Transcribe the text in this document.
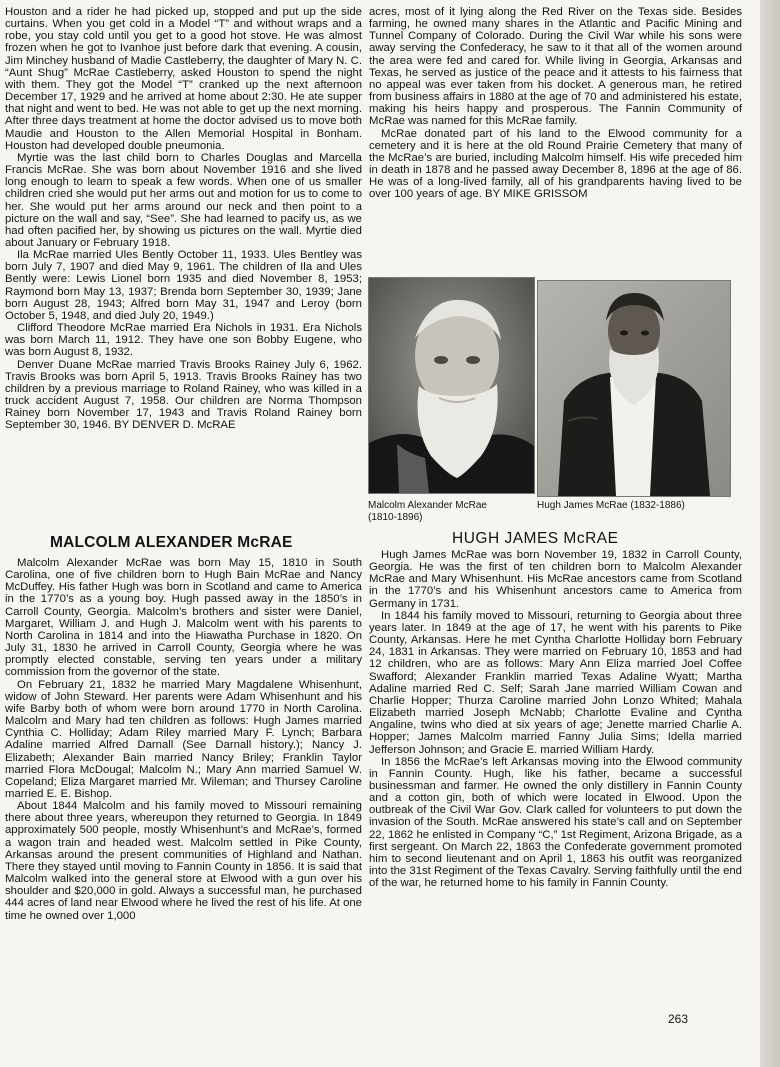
Houston and a rider he had picked up, stopped and put up the side curtains. When you get cold in a Model “T” and without wraps and a robe, you stay cold until you get to a good hot stove. He was almost frozen when he got to Ivanhoe just before dark that evening. A cousin, Jim Minchey husband of Madie Castleberry, the daughter of Mary N. C. “Aunt Shug” McRae Castleberry, asked Houston to spend the night with them. They got the Model “T” cranked up the next afternoon December 17, 1929 and he arrived at home about 2:30. He ate supper that night and went to bed. He was not able to get up the next morning. After three days treatment at home the doctor advised us to move both Maudie and Houston to the Allen Memorial Hospital in Bonham. Houston had developed double pneumonia.

Myrtie was the last child born to Charles Douglas and Marcella Francis McRae. She was born about November 1916 and she lived long enough to learn to speak a few words. When one of us smaller children cried she would put her arms out and motion for us to come to her. She would put her arms around our neck and then point to a picture on the wall and say, “See”. She had learned to pacify us, as we had often pacified her, by showing us pictures on the wall. Myrtie died about January or February 1918.

Ila McRae married Ules Bently October 11, 1933. Ules Bentley was born July 7, 1907 and died May 9, 1961. The children of Ila and Ules Bently were: Lewis Lionel born 1935 and died November 8, 1953; Raymond born May 13, 1937; Brenda born September 30, 1939; Jane born August 28, 1943; Alfred born May 31, 1947 and Leroy (born October 5, 1948, and died July 20, 1949.)

Clifford Theodore McRae married Era Nichols in 1931. Era Nichols was born March 11, 1912. They have one son Bobby Eugene, who was born August 8, 1932.

Denver Duane McRae married Travis Brooks Rainey July 6, 1962. Travis Brooks was born April 5, 1913. Travis Brooks Rainey has two children by a previous marriage to Roland Rainey, who was killed in a truck accident August 7, 1958. Our children are Norma Thompson Rainey born November 17, 1943 and Travis Roland Rainey born September 30, 1946. BY DENVER D. McRAE

MALCOLM ALEXANDER McRAE

Malcolm Alexander McRae was born May 15, 1810 in South Carolina, one of five children born to Hugh Bain McRae and Nancy McDuffey. His father Hugh was born in Scotland and came to America in the 1770’s as a young boy. Hugh passed away in the 1850’s in Carroll County, Georgia. Malcolm’s brothers and sister were Daniel, Margaret, William J. and Hugh J. Malcolm went with his parents to North Carolina in 1814 and into the Hiawatha Purchase in 1820. On July 31, 1830 he arrived in Carroll County, Georgia where he was promptly elected constable, serving ten years under a military commission from the governor of the state.

On February 21, 1832 he married Mary Magdalene Whisenhunt, widow of John Steward. Her parents were Adam Whisenhunt and his wife Barby both of whom were born around 1770 in North Carolina. Malcolm and Mary had ten children as follows: Hugh James married Cynthia C. Holliday; Adam Riley married Mary F. Lynch; Barbara Adaline married Alfred Darnall (See Darnall history.); Nancy J. Elizabeth; Alexander Bain married Nancy Briley; Franklin Taylor married Flora McDougal; Malcolm N.; Mary Ann married Samuel W. Copeland; Eliza Margaret married Mr. Wileman; and Thursey Caroline married E. E. Bishop.

About 1844 Malcolm and his family moved to Missouri remaining there about three years, whereupon they returned to Georgia. In 1849 approximately 500 people, mostly Whisenhunt’s and McRae’s, formed a wagon train and headed west. Malcolm settled in Pike County, Arkansas around the present communities of Highland and Nathan. There they stayed until moving to Fannin County in 1856. It is said that Malcolm walked into the general store at Elwood with a gun over his shoulder and $20,000 in gold. Always a successful man, he purchased 444 acres of land near Elwood where he lived the rest of his life. At one time he owned over 1,000

acres, most of it lying along the Red River on the Texas side. Besides farming, he owned many shares in the Atlantic and Pacific Mining and Tunnel Company of Colorado. During the Civil War while his sons were away serving the Confederacy, he saw to it that all of the women around the area were fed and cared for. While living in Georgia, Arkansas and Texas, he served as justice of the peace and it attests to his fairness that no appeal was ever taken from his docket. A generous man, he retired from business affairs in 1880 at the age of 70 and administered his estate, making his heirs happy and prosperous. The Fannin Community of McRae was named for this McRae family.

McRae donated part of his land to the Elwood community for a cemetery and it is here at the old Round Prairie Cemetery that many of the McRae’s are buried, including Malcolm himself. His wife preceded him in death in 1878 and he passed away December 8, 1896 at the age of 86. He was of a long-lived family, all of his grandparents having lived to be over 100 years of age. BY MIKE GRISSOM

Malcolm Alexander McRae
(1810-1896)
Hugh James McRae (1832-1886)
HUGH JAMES McRAE

Hugh James McRae was born November 19, 1832 in Carroll County, Georgia. He was the first of ten children born to Malcolm Alexander McRae and Mary Whisenhunt. His McRae ancestors came from Scotland in the 1770’s and his Whisenhunt ancestors came to America from Germany in 1731.

In 1844 his family moved to Missouri, returning to Georgia about three years later. In 1849 at the age of 17, he went with his parents to Pike County, Arkansas. Here he met Cyntha Charlotte Holliday born February 24, 1831 in Arkansas. They were married on February 10, 1853 and had 12 children, who are as follows: Mary Ann Eliza married Joel Coffee Swafford; Alexander Franklin married Texas Adaline Wyatt; Martha Adaline married Red C. Self; Sarah Jane married William Cowan and Charlie Hopper; Thurza Caroline married John Lonzo Whited; Mahala Elizabeth married Joseph McNabb; Charlotte Evaline and Cyntha Angaline, twins who died at six years of age; Jenette married Charlie A. Hopper; James Malcolm married Fanny Julia Sims; Idella married Jefferson Johnson; and Gracie E. married William Hardy.

In 1856 the McRae’s left Arkansas moving into the Elwood community in Fannin County. Hugh, like his father, became a successful businessman and farmer. He owned the only distillery in Fannin County and a cotton gin, both of which were located in Elwood. Upon the outbreak of the Civil War Gov. Clark called for volunteers to put down the invasion of the South. McRae answered his state’s call and on September 22, 1862 he enlisted in Company “C,” 1st Regiment, Arizona Brigade, as a first sergeant. On March 22, 1863 the Confederate government promoted him to second lieutenant and on April 1, 1863 his outfit was reorganized into the 31st Regiment of the Texas Cavalry. Serving faithfully until the end of the war, he returned home to his family in Fannin County.

263
